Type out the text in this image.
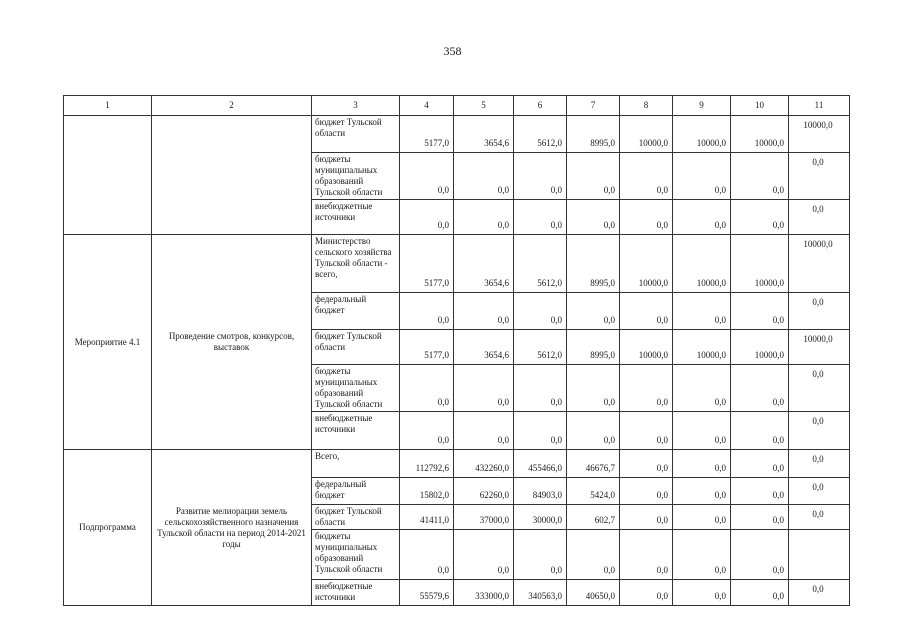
358
1	2	3	4	5	6	7	8	9	10	11
		бюджет Тульской области	5177,0	3654,6	5612,0	8995,0	10000,0	10000,0	10000,0	10000,0
		бюджеты муниципальных образований Тульской области	0,0	0,0	0,0	0,0	0,0	0,0	0,0	0,0
		внебюджетные источники	0,0	0,0	0,0	0,0	0,0	0,0	0,0	0,0
Мероприятие 4.1	Проведение смотров, конкурсов, выставок	Министерство сельского хозяйства Тульской области - всего,	5177,0	3654,6	5612,0	8995,0	10000,0	10000,0	10000,0	10000,0
		федеральный бюджет	0,0	0,0	0,0	0,0	0,0	0,0	0,0	0,0
		бюджет Тульской области	5177,0	3654,6	5612,0	8995,0	10000,0	10000,0	10000,0	10000,0
		бюджеты муниципальных образований Тульской области	0,0	0,0	0,0	0,0	0,0	0,0	0,0	0,0
		внебюджетные источники	0,0	0,0	0,0	0,0	0,0	0,0	0,0	0,0
Подпрограмма	Развитие мелиорации земель сельскохозяйственного назначения Тульской области на период 2014-2021 годы	Всего,	112792,6	432260,0	455466,0	46676,7	0,0	0,0	0,0	0,0
		федеральный бюджет	15802,0	62260,0	84903,0	5424,0	0,0	0,0	0,0	0,0
		бюджет Тульской области	41411,0	37000,0	30000,0	602,7	0,0	0,0	0,0	0,0
		бюджеты муниципальных образований Тульской области	0,0	0,0	0,0	0,0	0,0	0,0	0,0	
		внебюджетные источники	55579,6	333000,0	340563,0	40650,0	0,0	0,0	0,0	0,0
